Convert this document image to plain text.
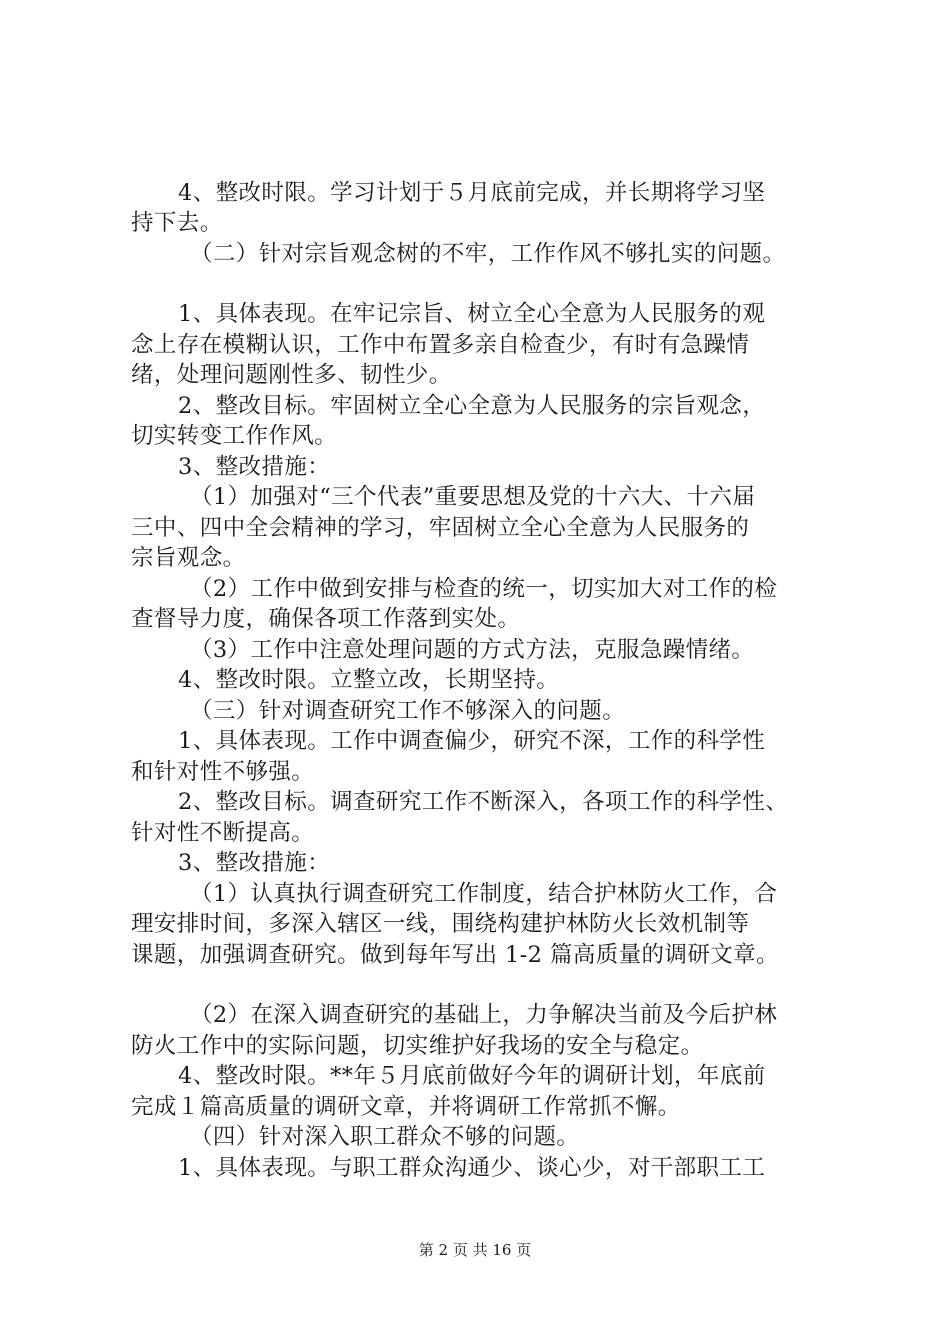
4、整改时限。学习计划于５月底前完成，并长期将学习坚
持下去。
（二）针对宗旨观念树的不牢，工作作风不够扎实的问题。
1、具体表现。在牢记宗旨、树立全心全意为人民服务的观
念上存在模糊认识，工作中布置多亲自检查少，有时有急躁情
绪，处理问题刚性多、韧性少。
2、整改目标。牢固树立全心全意为人民服务的宗旨观念，
切实转变工作作风。
3、整改措施：
（1）加强对“三个代表”重要思想及党的十六大、十六届
三中、四中全会精神的学习，牢固树立全心全意为人民服务的
宗旨观念。
（2）工作中做到安排与检查的统一，切实加大对工作的检
查督导力度，确保各项工作落到实处。
（3）工作中注意处理问题的方式方法，克服急躁情绪。
4、整改时限。立整立改，长期坚持。
（三）针对调查研究工作不够深入的问题。
1、具体表现。工作中调查偏少，研究不深，工作的科学性
和针对性不够强。
2、整改目标。调查研究工作不断深入，各项工作的科学性、
针对性不断提高。
3、整改措施：
（1）认真执行调查研究工作制度，结合护林防火工作，合
理安排时间，多深入辖区一线，围绕构建护林防火长效机制等
课题，加强调查研究。做到每年写出 1-2 篇高质量的调研文章。
（2）在深入调查研究的基础上，力争解决当前及今后护林
防火工作中的实际问题，切实维护好我场的安全与稳定。
4、整改时限。**年５月底前做好今年的调研计划，年底前
完成１篇高质量的调研文章，并将调研工作常抓不懈。
（四）针对深入职工群众不够的问题。
1、具体表现。与职工群众沟通少、谈心少，对干部职工工
第 2 页 共 16 页
